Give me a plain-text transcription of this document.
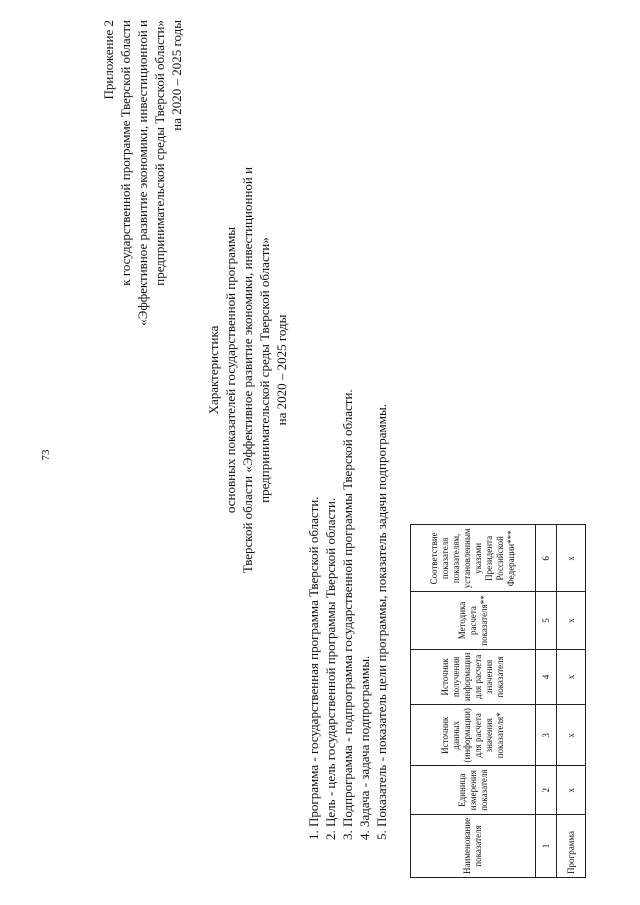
73
Приложение 2 к государственной программе Тверской области «Эффективное развитие экономики, инвестиционной и предпринимательской среды Тверской области» на 2020 – 2025 годы
Характеристика основных показателей государственной программы Тверской области «Эффективное развитие экономики, инвестиционной и предпринимательской среды Тверской области» на 2020 – 2025 годы
1. Программа - государственная программа Тверской области. 2. Цель - цель государственной программы Тверской области. 3. Подпрограмма - подпрограмма государственной программы Тверской области. 4. Задача - задача подпрограммы. 5. Показатель - показатель цели программы, показатель задачи подпрограммы.
Наименование показателя	Единица измерения показателя	Источник данных (информации) для расчета значения показателя*	Источник получения информации для расчета значения показателя	Методика расчета показателя**	Соответствие показателя показателям, установленным указами Президента Российской Федерации***
1	2	3	4	5	6
Программа	x	x	x	x	x
